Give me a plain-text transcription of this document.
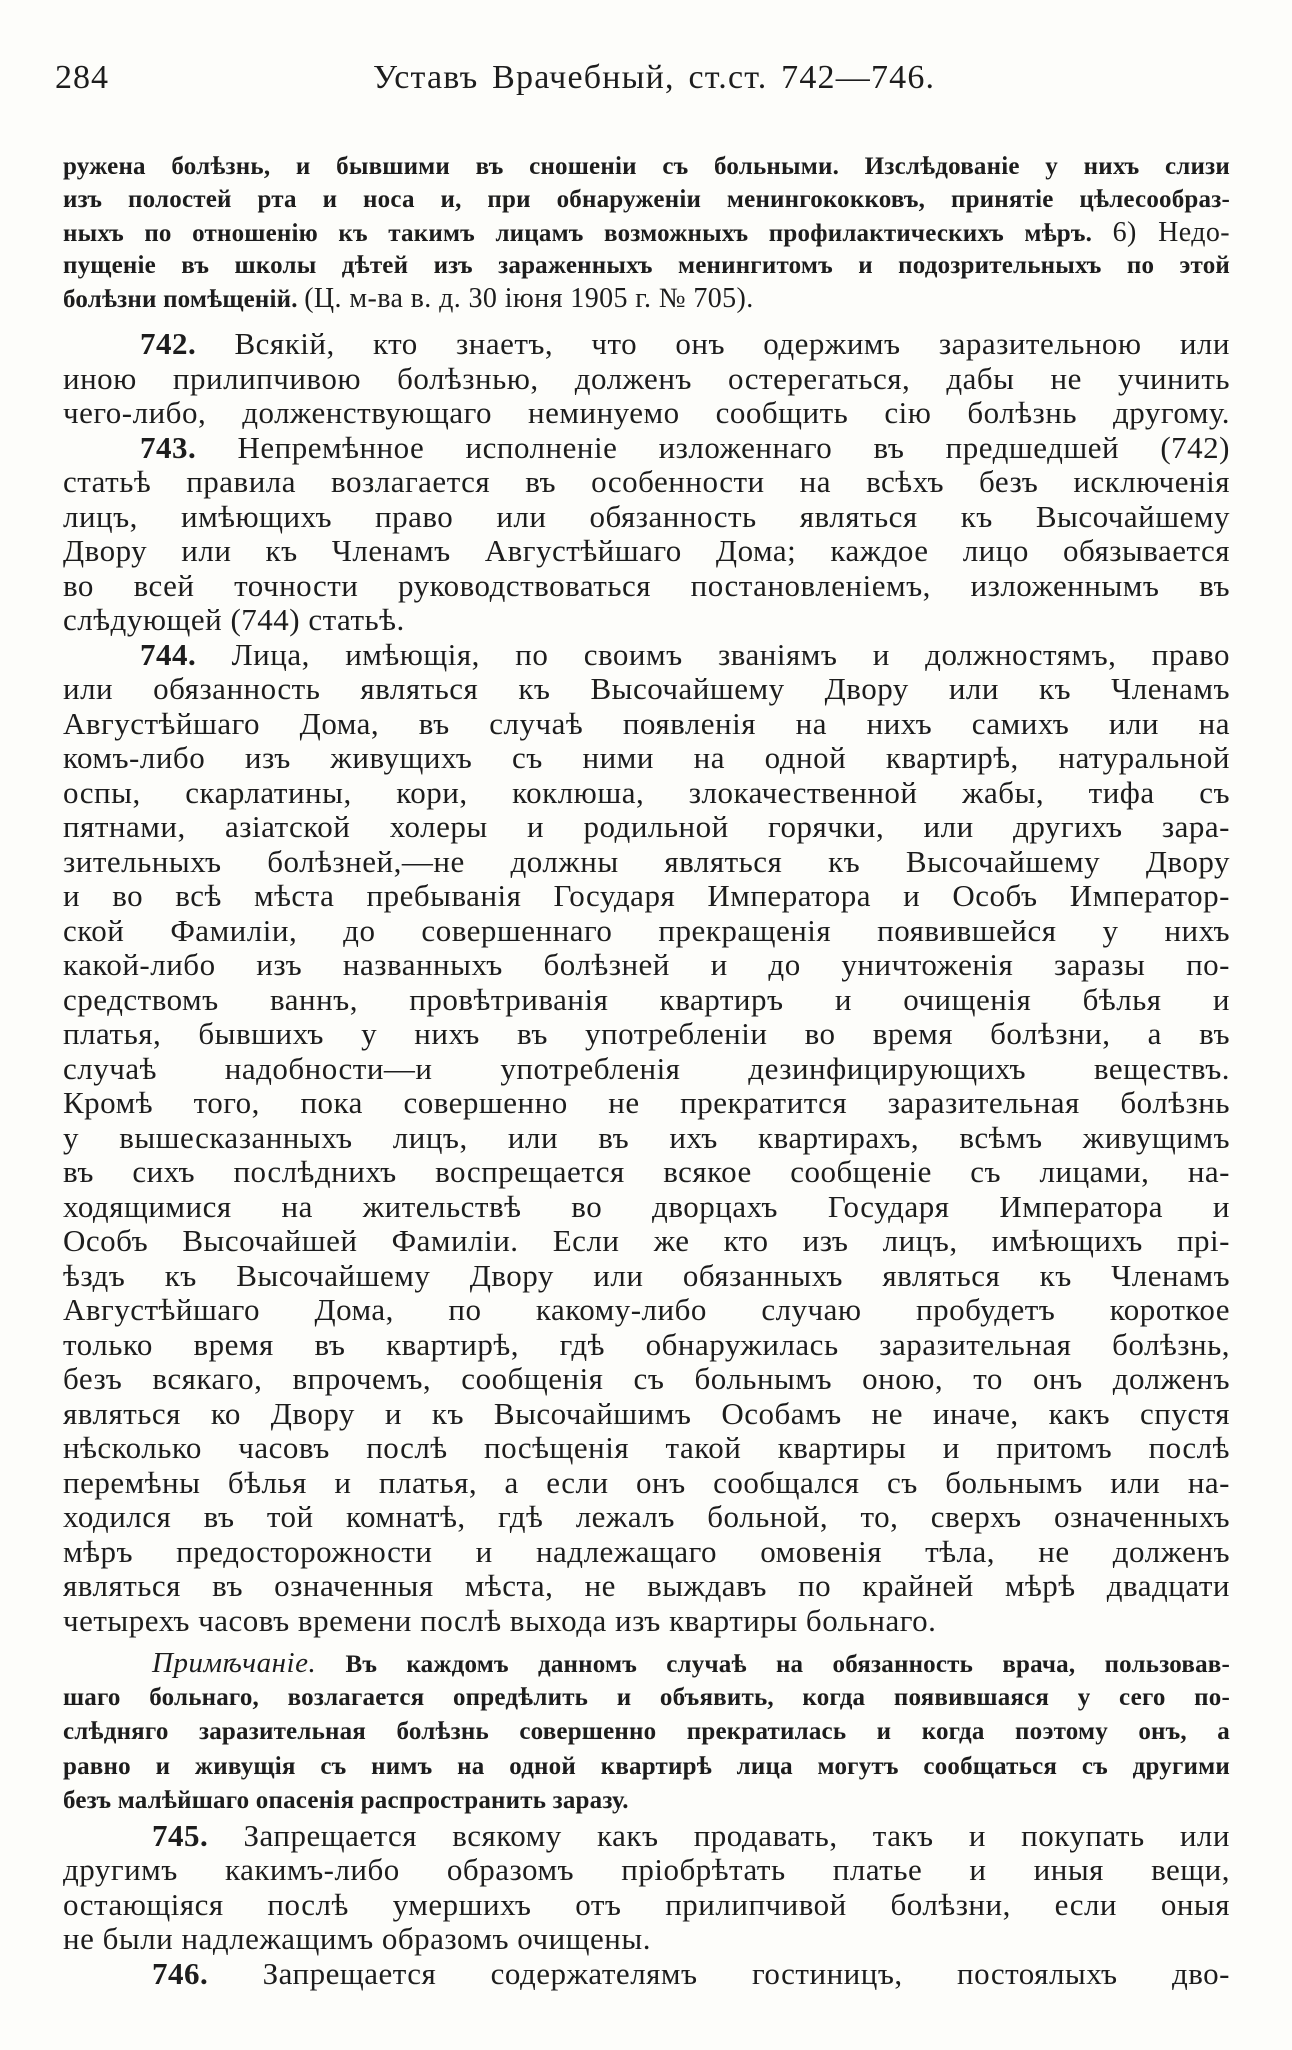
284	Уставъ Врачебный, ст.ст. 742—746.
ружена болѣзнь, и бывшими въ сношеніи съ больными. Изслѣдованіе у нихъ слизи
изъ полостей рта и носа и, при обнаруженіи менингококковъ, принятіе цѣлесообраз-
ныхъ по отношенію къ такимъ лицамъ возможныхъ профилактическихъ мѣръ. 6) Недо-
пущеніе въ школы дѣтей изъ зараженныхъ менингитомъ и подозрительныхъ по этой
болѣзни помѣщеній. (Ц. м-ва в. д. 30 іюня 1905 г. № 705).
742. Всякій, кто знаетъ, что онъ одержимъ заразительною или
иною прилипчивою болѣзнью, долженъ остерегаться, дабы не учинить
чего-либо, долженствующаго неминуемо сообщить сію болѣзнь другому.
743. Непремѣнное исполненіе изложеннаго въ предшедшей (742)
статьѣ правила возлагается въ особенности на всѣхъ безъ исключенія
лицъ, имѣющихъ право или обязанность являться къ Высочайшему
Двору или къ Членамъ Августѣйшаго Дома; каждое лицо обязывается
во всей точности руководствоваться постановленіемъ, изложеннымъ въ
слѣдующей (744) статьѣ.
744. Лица, имѣющія, по своимъ званіямъ и должностямъ, право
или обязанность являться къ Высочайшему Двору или къ Членамъ
Августѣйшаго Дома, въ случаѣ появленія на нихъ самихъ или на
комъ-либо изъ живущихъ съ ними на одной квартирѣ, натуральной
оспы, скарлатины, кори, коклюша, злокачественной жабы, тифа съ
пятнами, азіатской холеры и родильной горячки, или другихъ зара-
зительныхъ болѣзней,—не должны являться къ Высочайшему Двору
и во всѣ мѣста пребыванія Государя Императора и Особъ Император-
ской Фамиліи, до совершеннаго прекращенія появившейся у нихъ
какой-либо изъ названныхъ болѣзней и до уничтоженія заразы по-
средствомъ ваннъ, провѣтриванія квартиръ и очищенія бѣлья и
платья, бывшихъ у нихъ въ употребленіи во время болѣзни, а въ
случаѣ надобности—и употребленія дезинфицирующихъ веществъ.
Кромѣ того, пока совершенно не прекратится заразительная болѣзнь
у вышесказанныхъ лицъ, или въ ихъ квартирахъ, всѣмъ живущимъ
въ сихъ послѣднихъ воспрещается всякое сообщеніе съ лицами, на-
ходящимися на жительствѣ во дворцахъ Государя Императора и
Особъ Высочайшей Фамиліи. Если же кто изъ лицъ, имѣющихъ прі-
ѣздъ къ Высочайшему Двору или обязанныхъ являться къ Членамъ
Августѣйшаго Дома, по какому-либо случаю пробудетъ короткое
только время въ квартирѣ, гдѣ обнаружилась заразительная болѣзнь,
безъ всякаго, впрочемъ, сообщенія съ больнымъ оною, то онъ долженъ
являться ко Двору и къ Высочайшимъ Особамъ не иначе, какъ спустя
нѣсколько часовъ послѣ посѣщенія такой квартиры и притомъ послѣ
перемѣны бѣлья и платья, а если онъ сообщался съ больнымъ или на-
ходился въ той комнатѣ, гдѣ лежалъ больной, то, сверхъ означенныхъ
мѣръ предосторожности и надлежащаго омовенія тѣла, не долженъ
являться въ означенныя мѣста, не выждавъ по крайней мѣрѣ двадцати
четырехъ часовъ времени послѣ выхода изъ квартиры больнаго.
Примѣчаніе. Въ каждомъ данномъ случаѣ на обязанность врача, пользовав-
шаго больнаго, возлагается опредѣлить и объявить, когда появившаяся у сего по-
слѣдняго заразительная болѣзнь совершенно прекратилась и когда поэтому онъ, а
равно и живущія съ нимъ на одной квартирѣ лица могутъ сообщаться съ другими
безъ малѣйшаго опасенія распространить заразу.
745. Запрещается всякому какъ продавать, такъ и покупать или
другимъ какимъ-либо образомъ пріобрѣтать платье и иныя вещи,
остающіяся послѣ умершихъ отъ прилипчивой болѣзни, если оныя
не были надлежащимъ образомъ очищены.
746. Запрещается содержателямъ гостиницъ, постоялыхъ дво-
